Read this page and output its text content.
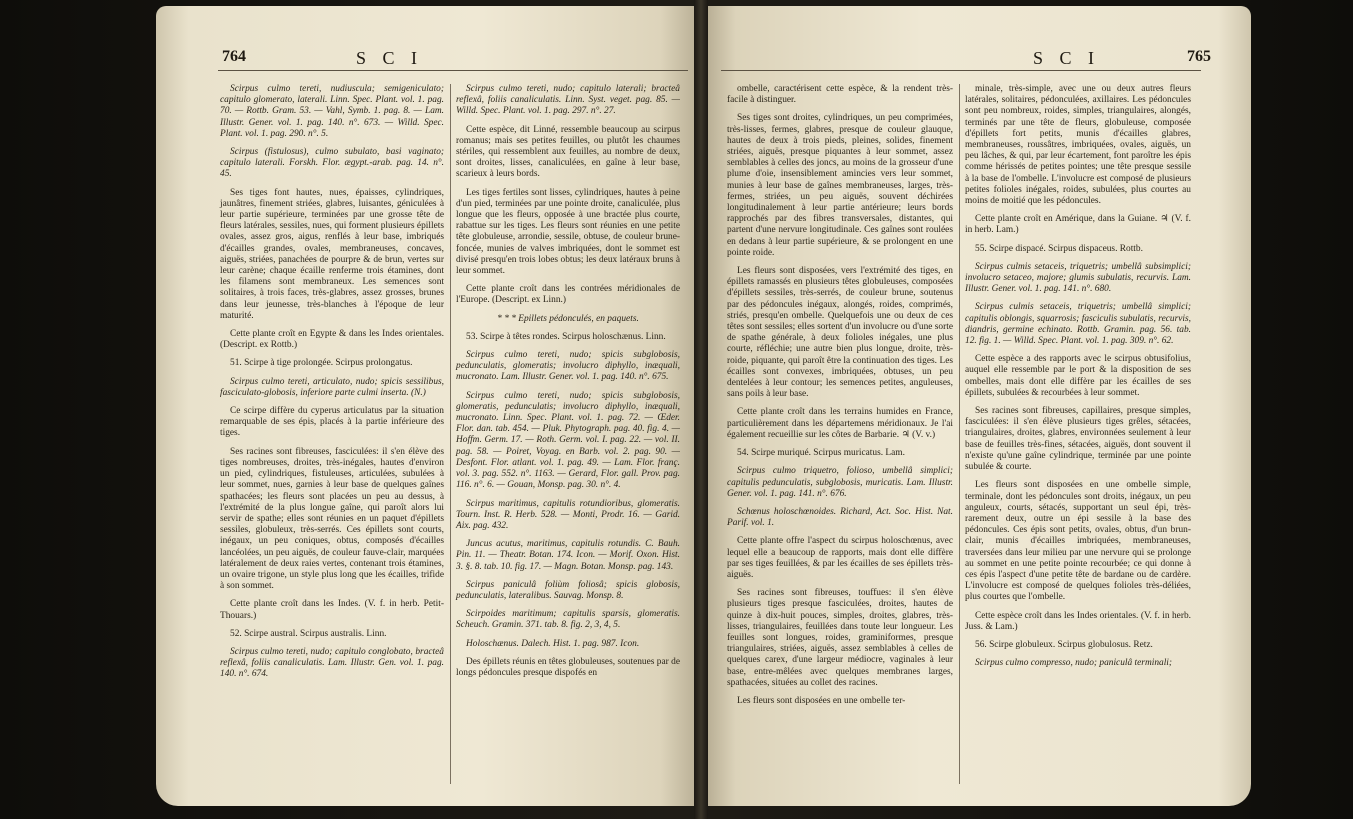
764	S C I

Scirpus culmo tereti, nudiuscula; semigeniculato; capitulo glomerato, laterali. Linn. Spec. Plant. vol. 1. pag. 70. — Rottb. Gram. 53. — Vahl, Symb. 1. pag. 8. — Lam. Illustr. Gener. vol. 1. pag. 140. n°. 673. — Willd. Spec. Plant. vol. 1. pag. 290. n°. 5.

Scirpus (fistulosus), culmo subulato, basi vaginato; capitulo laterali. Forskh. Flor. ægypt.-arab. pag. 14. n°. 45.

Ses tiges font hautes, nues, épaisses, cylindriques, jaunâtres, finement striées, glabres, luisantes, géniculées à leur partie supérieure, terminées par une grosse tête de fleurs latérales, sessiles, nues, qui forment plusieurs épillets ovales, assez gros, aigus, renflés à leur base, imbriqués d'écailles grandes, ovales, membraneuses, concaves, aiguës, striées, panachées de pourpre & de brun, vertes sur leur carène; chaque écaille renferme trois étamines, dont les filamens sont membraneux. Les semences sont solitaires, à trois faces, très-glabres, assez grosses, brunes dans leur jeunesse, très-blanches à l'époque de leur maturité.

Cette plante croît en Egypte & dans les Indes orientales. (Descript. ex Rottb.)

51. Scirpe à tige prolongée. Scirpus prolongatus.

Scirpus culmo tereti, articulato, nudo; spicis sessilibus, fasciculato-globosis, inferiore parte culmi inserta. (N.)

Ce scirpe diffère du cyperus articulatus par la situation remarquable de ses épis, placés à la partie inférieure des tiges.

Ses racines sont fibreuses, fasciculées: il s'en élève des tiges nombreuses, droites, très-inégales, hautes d'environ un pied, cylindriques, fistuleuses, articulées, subulées à leur sommet, nues, garnies à leur base de quelques gaînes spathacées; les fleurs sont placées un peu au dessus, à l'extrémité de la plus longue gaîne, qui paroît alors lui servir de spathe; elles sont réunies en un paquet d'épillets sessiles, globuleux, très-serrés. Ces épillets sont courts, inégaux, un peu coniques, obtus, composés d'écailles lancéolées, un peu aiguës, de couleur fauve-clair, marquées latéralement de deux raies vertes, contenant trois étamines, un ovaire trigone, un style plus long que les écailles, trifide à son sommet.

Cette plante croît dans les Indes. (V. f. in herb. Petit-Thouars.)

52. Scirpe austral. Scirpus australis. Linn.

Scirpus culmo tereti, nudo; capitulo conglobato, bracteâ reflexâ, foliis canaliculatis. Lam. Illustr. Gen. vol. 1. pag. 140. n°. 674.

Scirpus culmo tereti, nudo; capitulo laterali; bracteâ reflexâ, foliis canaliculatis. Linn. Syst. veget. pag. 85. — Willd. Spec. Plant. vol. 1. pag. 297. n°. 27.

Cette espèce, dit Linné, ressemble beaucoup au scirpus romanus; mais ses petites feuilles, ou plutôt les chaumes stériles, qui ressemblent aux feuilles, au nombre de deux, sont droites, lisses, canaliculées, en gaîne à leur base, scarieux à leurs bords.

Les tiges fertiles sont lisses, cylindriques, hautes à peine d'un pied, terminées par une pointe droite, canaliculée, plus longue que les fleurs, opposée à une bractée plus courte, rabattue sur les tiges. Les fleurs sont réunies en une petite tête globuleuse, arrondie, sessile, obtuse, de couleur brune-foncée, munies de valves imbriquées, dont le sommet est divisé presqu'en trois lobes obtus; les deux latéraux bruns à leur sommet.

Cette plante croît dans les contrées méridionales de l'Europe. (Descript. ex Linn.)

* * * Epillets pédonculés, en paquets.

53. Scirpe à têtes rondes. Scirpus holoschænus. Linn.

Scirpus culmo tereti, nudo; spicis subglobosis, pedunculatis, glomeratis; involucro diphyllo, inæquali, mucronato. Lam. Illustr. Gener. vol. 1. pag. 140. n°. 675.

Scirpus culmo tereti, nudo; spicis subglobosis, glomeratis, pedunculatis; involucro diphyllo, inæquali, mucronato. Linn. Spec. Plant. vol. 1. pag. 72. — Œder. Flor. dan. tab. 454. — Pluk. Phytograph. pag. 40. fig. 4. — Hoffm. Germ. 17. — Roth. Germ. vol. I. pag. 22. — vol. II. pag. 58. — Poiret, Voyag. en Barb. vol. 2. pag. 90. — Desfont. Flor. atlant. vol. 1. pag. 49. — Lam. Flor. franç. vol. 3. pag. 552. n°. 1163. — Gerard, Flor. gall. Prov. pag. 116. n°. 6. — Gouan, Monsp. pag. 30. n°. 4.

Scirpus maritimus, capitulis rotundioribus, glomeratis. Tourn. Inst. R. Herb. 528. — Monti, Prodr. 16. — Garid. Aix. pag. 432.

Juncus acutus, maritimus, capitulis rotundis. C. Bauh. Pin. 11. — Theatr. Botan. 174. Icon. — Morif. Oxon. Hist. 3. §. 8. tab. 10. fig. 17. — Magn. Botan. Monsp. pag. 143.

Scirpus paniculâ foliùm foliosâ; spicis globosis, pedunculatis, lateralibus. Sauvag. Monsp. 8.

Scirpoides maritimum; capitulis sparsis, glomeratis. Scheuch. Gramin. 371. tab. 8. fig. 2, 3, 4, 5.

Holoschænus. Dalech. Hist. 1. pag. 987. Icon.

Des épillets réunis en têtes globuleuses, soutenues par de longs pédoncules presque dispofés en

S C I	765

ombelle, caractérisent cette espèce, & la rendent très-facile à distinguer.

Ses tiges sont droites, cylindriques, un peu comprimées, très-lisses, fermes, glabres, presque de couleur glauque, hautes de deux à trois pieds, pleines, solides, finement striées, aiguës, presque piquantes à leur sommet, assez semblables à celles des joncs, au moins de la grosseur d'une plume d'oie, insensiblement amincies vers leur sommet, munies à leur base de gaînes membraneuses, larges, très-fermes, striées, un peu aiguës, souvent déchirées longitudinalement à leur partie antérieure; leurs bords rapprochés par des fibres transversales, distantes, qui partent d'une nervure longitudinale. Ces gaînes sont roulées en dedans à leur partie supérieure, & se prolongent en une pointe roide.

Les fleurs sont disposées, vers l'extrémité des tiges, en épillets ramassés en plusieurs têtes globuleuses, composées d'épillets sessiles, très-serrés, de couleur brune, soutenus par des pédoncules inégaux, alongés, roides, comprimés, striés, presqu'en ombelle. Quelquefois une ou deux de ces têtes sont sessiles; elles sortent d'un involucre ou d'une sorte de spathe générale, à deux folioles inégales, une plus courte, réfléchie; une autre bien plus longue, droite, très-roide, piquante, qui paroît être la continuation des tiges. Les écailles sont convexes, imbriquées, obtuses, un peu dentelées à leur contour; les semences petites, anguleuses, sans poils à leur base.

Cette plante croît dans les terrains humides en France, particulièrement dans les départemens méridionaux. Je l'ai également recueillie sur les côtes de Barbarie. ♃ (V. v.)

54. Scirpe muriqué. Scirpus muricatus. Lam.

Scirpus culmo triquetro, folioso, umbellâ simplici; capitulis pedunculatis, subglobosis, muricatis. Lam. Illustr. Gener. vol. 1. pag. 141. n°. 676.

Schœnus holoschœnoides. Richard, Act. Soc. Hist. Nat. Parif. vol. 1.

Cette plante offre l'aspect du scirpus holoschœnus, avec lequel elle a beaucoup de rapports, mais dont elle diffère par ses tiges feuillées, & par les écailles de ses épillets très-aiguës.

Ses racines sont fibreuses, touffues: il s'en élève plusieurs tiges presque fasciculées, droites, hautes de quinze à dix-huit pouces, simples, droites, glabres, très-lisses, triangulaires, feuillées dans toute leur longueur. Les feuilles sont longues, roides, graminiformes, presque triangulaires, striées, aiguës, assez semblables à celles de quelques carex, d'une largeur médiocre, vaginales à leur base, entre-mêlées avec quelques membranes larges, spathacées, situées au collet des racines.

Les fleurs sont disposées en une ombelle ter-

minale, très-simple, avec une ou deux autres fleurs latérales, solitaires, pédonculées, axillaires. Les pédoncules sont peu nombreux, roides, simples, triangulaires, alongés, terminés par une tête de fleurs, globuleuse, composée d'épillets fort petits, munis d'écailles glabres, membraneuses, roussâtres, imbriquées, ovales, aiguës, un peu lâches, & qui, par leur écartement, font paroître les épis comme hérissés de petites pointes; une tête presque sessile à la base de l'ombelle. L'involucre est composé de plusieurs petites folioles inégales, roides, subulées, plus courtes au moins de moitié que les pédoncules.

Cette plante croît en Amérique, dans la Guiane. ♃ (V. f. in herb. Lam.)

55. Scirpe dispacé. Scirpus dispaceus. Rottb.

Scirpus culmis setaceis, triquetris; umbellâ subsimplici; involucro setaceo, majore; glumis subulatis, recurvis. Lam. Illustr. Gener. vol. 1. pag. 141. n°. 680.

Scirpus culmis setaceis, triquetris; umbellâ simplici; capitulis oblongis, squarrosis; fasciculis subulatis, recurvis, diandris, germine echinato. Rottb. Gramin. pag. 56. tab. 12. fig. 1. — Willd. Spec. Plant. vol. 1. pag. 309. n°. 62.

Cette espèce a des rapports avec le scirpus obtusifolius, auquel elle ressemble par le port & la disposition de ses ombelles, mais dont elle diffère par les écailles de ses épillets, subulées & recourbées à leur sommet.

Ses racines sont fibreuses, capillaires, presque simples, fasciculées: il s'en élève plusieurs tiges grêles, sétacées, triangulaires, droites, glabres, environnées seulement à leur base de feuilles très-fines, sétacées, aiguës, dont souvent il n'existe qu'une gaîne cylindrique, terminée par une pointe subulée & courte.

Les fleurs sont disposées en une ombelle simple, terminale, dont les pédoncules sont droits, inégaux, un peu anguleux, courts, sétacés, supportant un seul épi, très-rarement deux, outre un épi sessile à la base des pédoncules. Ces épis sont petits, ovales, obtus, d'un brun-clair, munis d'écailles imbriquées, membraneuses, traversées dans leur milieu par une nervure qui se prolonge au sommet en une petite pointe recourbée; ce qui donne à ces épis l'aspect d'une petite tête de bardane ou de cardère. L'involucre est composé de quelques folioles très-déliées, plus courtes que l'ombelle.

Cette espèce croît dans les Indes orientales. (V. f. in herb. Juss. & Lam.)

56. Scirpe globuleux. Scirpus globulosus. Retz.

Scirpus culmo compresso, nudo; paniculâ terminali;
